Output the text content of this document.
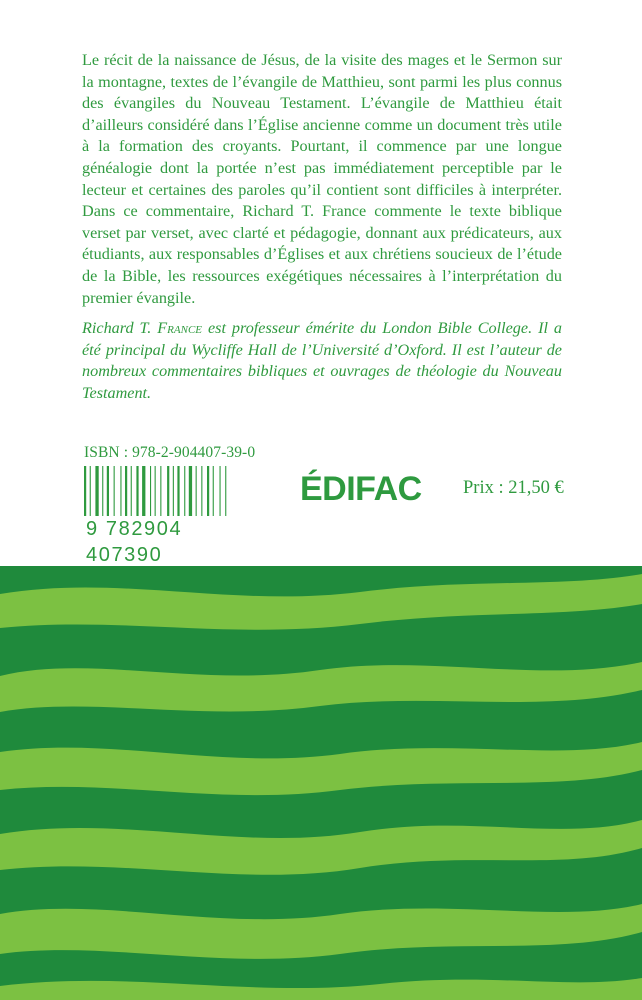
Le récit de la naissance de Jésus, de la visite des mages et le Sermon sur la montagne, textes de l’évangile de Matthieu, sont parmi les plus connus des évangiles du Nouveau Testament. L’évangile de Matthieu était d’ailleurs considéré dans l’Église ancienne comme un document très utile à la formation des croyants. Pourtant, il commence par une longue généalogie dont la portée n’est pas immédiatement perceptible par le lecteur et certaines des paroles qu’il contient sont difficiles à interpréter. Dans ce commentaire, Richard T. France commente le texte biblique verset par verset, avec clarté et pédagogie, donnant aux prédicateurs, aux étudiants, aux responsables d’Églises et aux chrétiens soucieux de l’étude de la Bible, les ressources exégétiques nécessaires à l’interprétation du premier évangile.

Richard T. France est professeur émérite du London Bible College. Il a été principal du Wycliffe Hall de l’Université d’Oxford. Il est l’auteur de nombreux commentaires bibliques et ouvrages de théologie du Nouveau Testament.

ISBN : 978-2-904407-39-0
9 782904 407390
ÉDIFAC Prix : 21,50 €
